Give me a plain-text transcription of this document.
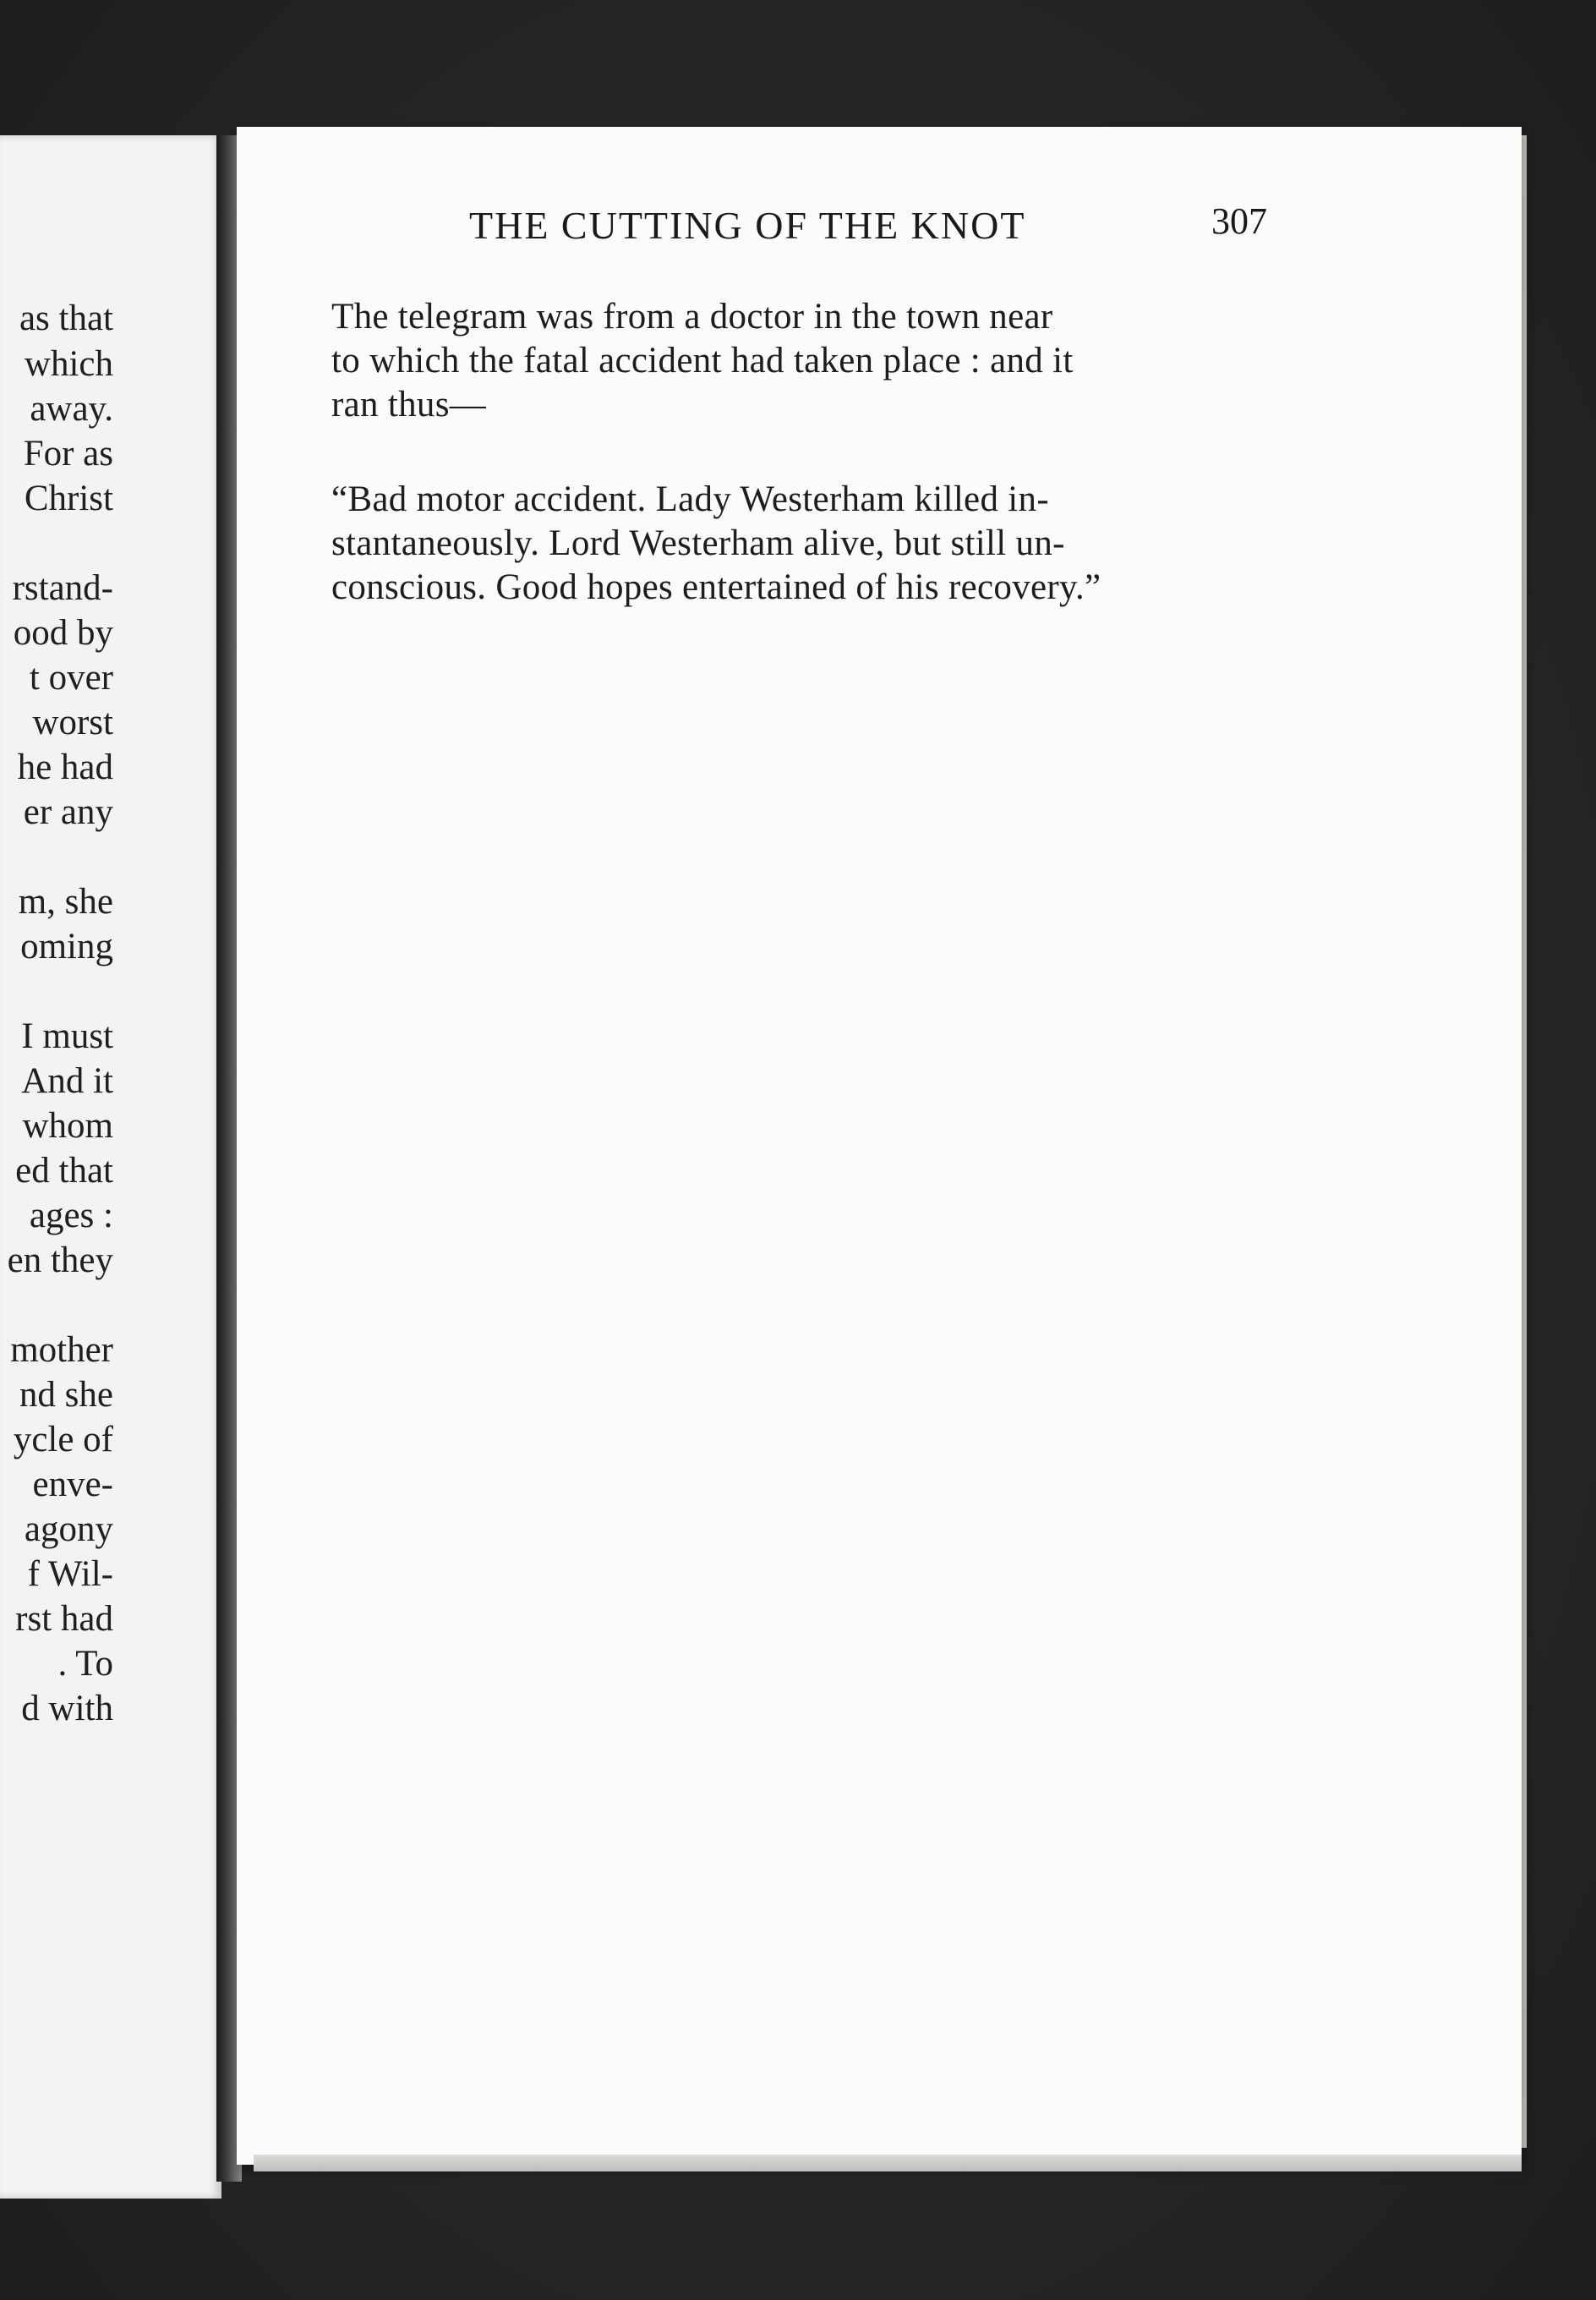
as that
which
away.
For as
Christ
rstand-
ood by
t over
worst
he had
er any
m, she
oming
I must
And it
whom
ed that
ages :
en they
mother
nd she
ycle of
enve-
agony
f Wil-
rst had
. To
d with
THE CUTTING OF THE KNOT	307
The telegram was from a doctor in the town near
to which the fatal accident had taken place : and it
ran thus—
“Bad motor accident. Lady Westerham killed in-
stantaneously. Lord Westerham alive, but still un-
conscious. Good hopes entertained of his recovery.”
